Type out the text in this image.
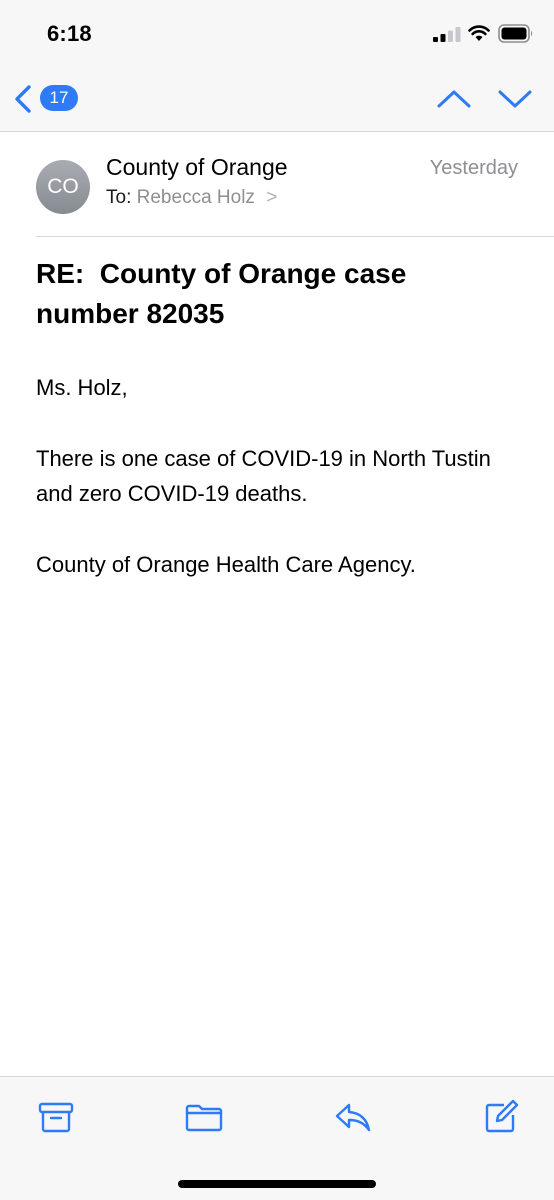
6:18
17
CO
County of Orange
To: Rebecca Holz >
Yesterday
RE:  County of Orange case number 82035

Ms. Holz,

There is one case of COVID-19 in North Tustin and zero COVID-19 deaths.

County of Orange Health Care Agency.
